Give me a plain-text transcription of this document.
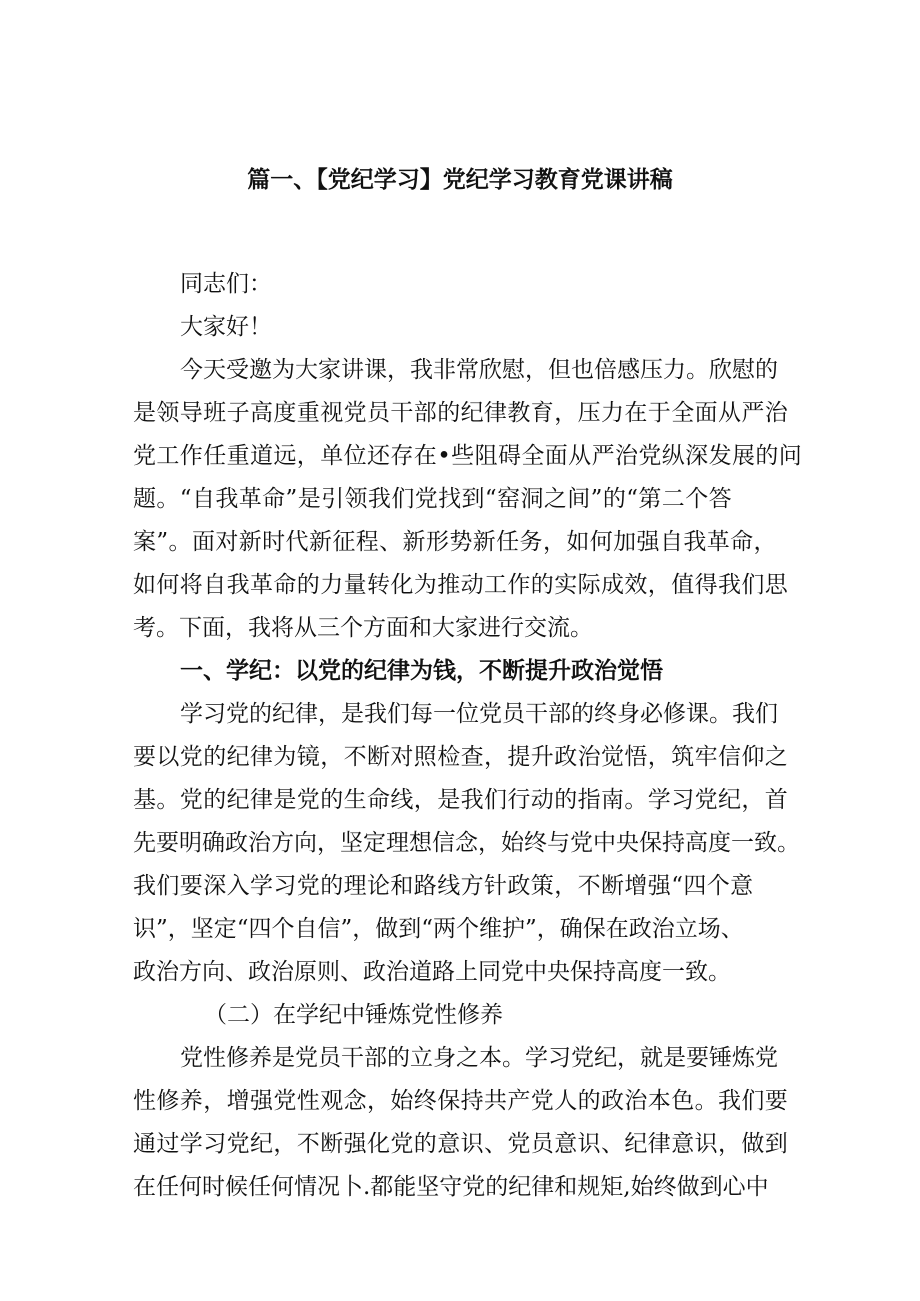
篇一、【党纪学习】党纪学习教育党课讲稿
同志们：
大家好！
今天受邀为大家讲课，我非常欣慰，但也倍感压力。欣慰的
是领导班子高度重视党员干部的纪律教育，压力在于全面从严治
党工作任重道远，单位还存在•些阻碍全面从严治党纵深发展的问
题。“自我革命”是引领我们党找到“窑洞之间”的“第二个答
案”。面对新时代新征程、新形势新任务，如何加强自我革命，
如何将自我革命的力量转化为推动工作的实际成效，值得我们思
考。下面，我将从三个方面和大家进行交流。
一、学纪：以党的纪律为钱，不断提升政治觉悟
学习党的纪律，是我们每一位党员干部的终身必修课。我们
要以党的纪律为镜，不断对照检查，提升政治觉悟，筑牢信仰之
基。党的纪律是党的生命线，是我们行动的指南。学习党纪，首
先要明确政治方向，坚定理想信念，始终与党中央保持高度一致。
我们要深入学习党的理论和路线方针政策，不断增强“四个意
识”，坚定“四个自信”，做到“两个维护”，确保在政治立场、
政治方向、政治原则、政治道路上同党中央保持高度一致。
（二）在学纪中锤炼党性修养
党性修养是党员干部的立身之本。学习党纪，就是要锤炼党
性修养，增强党性观念，始终保持共产党人的政治本色。我们要
通过学习党纪，不断强化党的意识、党员意识、纪律意识，做到
在任何时候任何情况卜.都能坚守党的纪律和规矩,始终做到心中
